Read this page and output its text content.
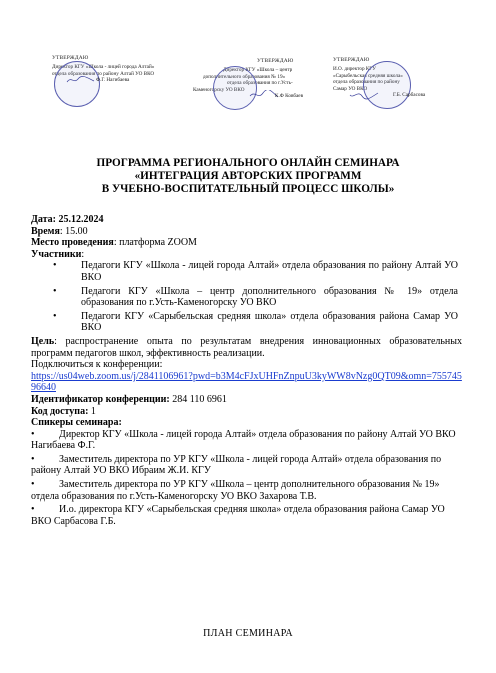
УТВЕРЖДАЮ
Директор КГУ «Школа - лицей города Алтай»
отдела образования по району Алтай УО ВКО
Ф.Г. Нагибаева
УТВЕРЖДАЮ
Директор КГУ «Школа – центр
дополнительного образования № 19»
отдела образования по г.Усть-
Каменогорску УО ВКО
К.Ф Ковбаев
УТВЕРЖДАЮ
И.О. директор КГУ
«Сарыбельская средняя школа»
отдела образования по району
Самар УО ВКО
Г.Б. Сарбасова
ПРОГРАММА РЕГИОНАЛЬНОГО ОНЛАЙН СЕМИНАРА
«ИНТЕГРАЦИЯ АВТОРСКИХ ПРОГРАММ
В УЧЕБНО-ВОСПИТАТЕЛЬНЫЙ ПРОЦЕСС ШКОЛЫ»

Дата: 25.12.2024

Время: 15.00

Место проведения: платформа ZOOM

Участники:

• Педагоги КГУ «Школа - лицей города Алтай» отдела образования по району Алтай УО ВКО
• Педагоги КГУ «Школа – центр дополнительного образования № 19» отдела образования по г.Усть-Каменогорску УО ВКО
• Педагоги КГУ «Сарыбельская средняя школа» отдела образования района Самар УО ВКО

Цель: распространение опыта по результатам внедрения инновационных образовательных программ педагогов школ, эффективность реализации.

Подключиться к конференции:

https://us04web.zoom.us/j/2841106961?pwd=b3M4cFJxUHFnZnpuU3kyWW8vNzg0QT09&omn=75574596640

Идентификатор конференции: 284 110 6961

Код доступа: 1

Спикеры семинара:

• Директор КГУ «Школа - лицей города Алтай» отдела образования по району Алтай УО ВКО Нагибаева Ф.Г.
• Заместитель директора по УР КГУ «Школа - лицей города Алтай» отдела образования по району Алтай УО ВКО Ибраим Ж.И. КГУ
• Заместитель директора по УР КГУ «Школа – центр дополнительного образования № 19» отдела образования по г.Усть-Каменогорску УО ВКО Захарова Т.В.
• И.о. директора КГУ «Сарыбельская средняя школа» отдела образования района Самар УО ВКО Сарбасова Г.Б.
ПЛАН СЕМИНАРА
